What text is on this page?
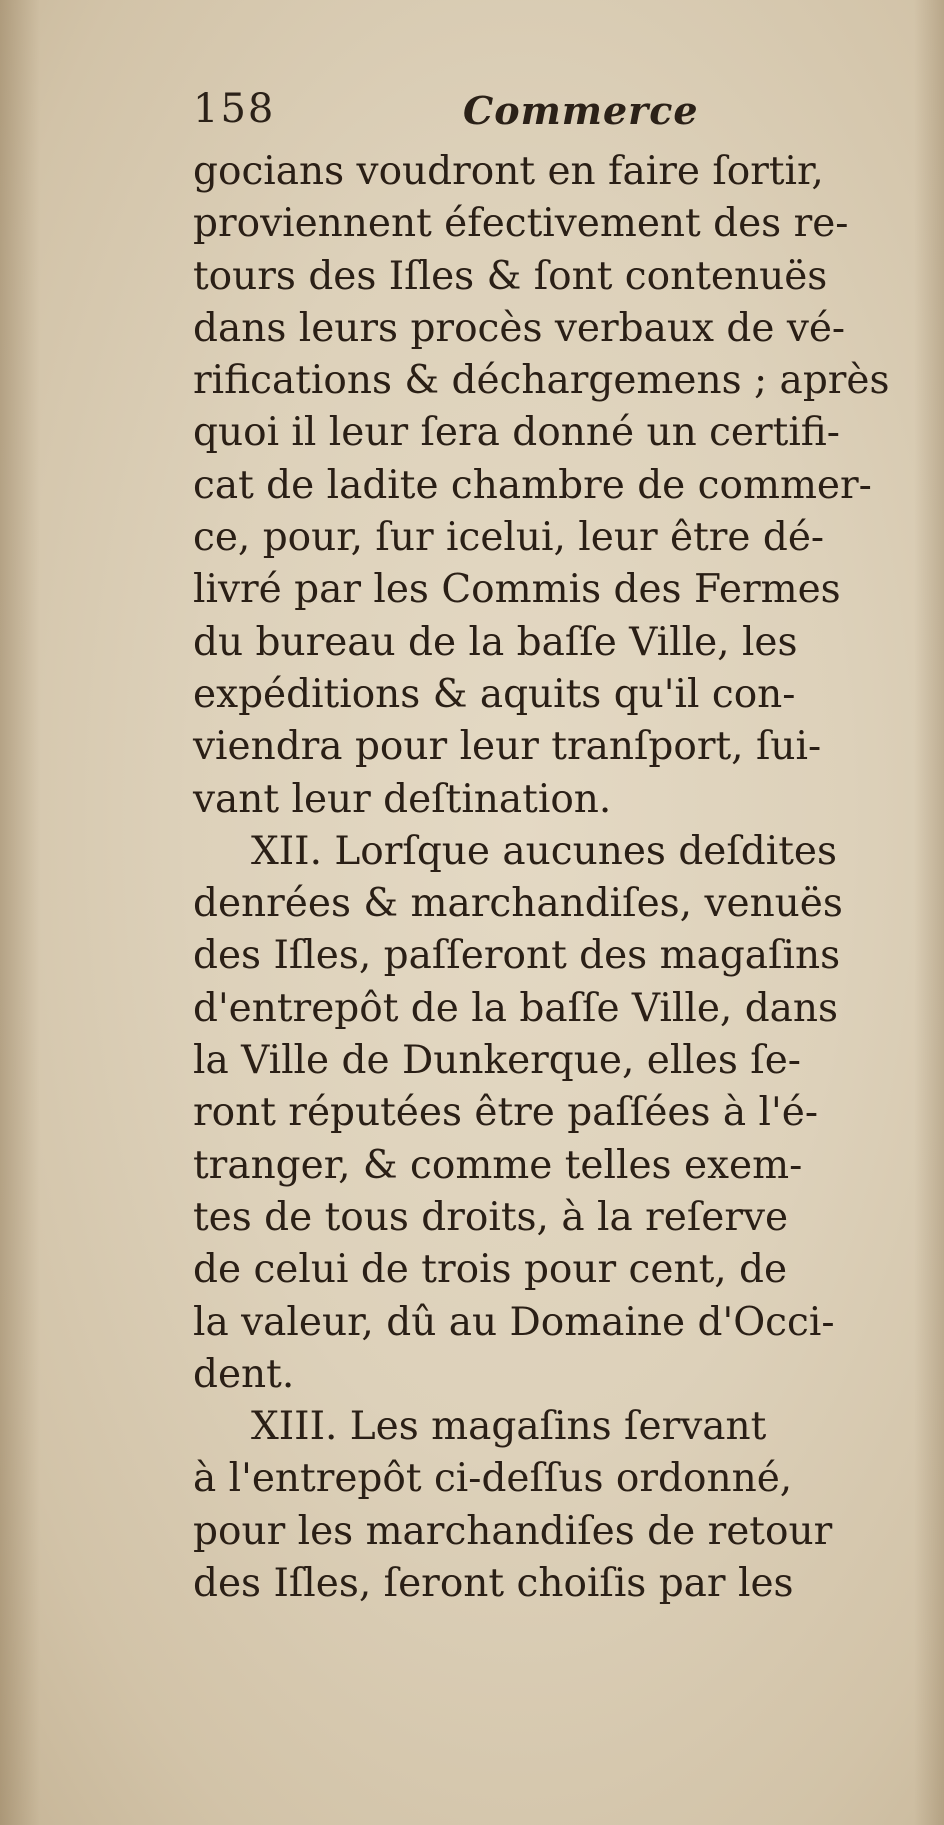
158	Commerce
gocians voudront en faire ſortir,
proviennent éfectivement des re-
tours des Iſles & ſont contenuës
dans leurs procès verbaux de vé-
rifications & déchargemens ; après
quoi il leur ſera donné un certifi-
cat de ladite chambre de commer-
ce, pour, ſur icelui, leur être dé-
livré par les Commis des Fermes
du bureau de la baſſe Ville, les
expéditions & aquits qu'il con-
viendra pour leur tranſport, ſui-
vant leur deſtination.
XII. Lorſque aucunes deſdites
denrées & marchandiſes, venuës
des Iſles, paſſeront des magaſins
d'entrepôt de la baſſe Ville, dans
la Ville de Dunkerque, elles ſe-
ront réputées être paſſées à l'é-
tranger, & comme telles exem-
tes de tous droits, à la reſerve
de celui de trois pour cent, de
la valeur, dû au Domaine d'Occi-
dent.
XIII. Les magaſins ſervant
à l'entrepôt ci-deſſus ordonné,
pour les marchandiſes de retour
des Iſles, ſeront choiſis par les
